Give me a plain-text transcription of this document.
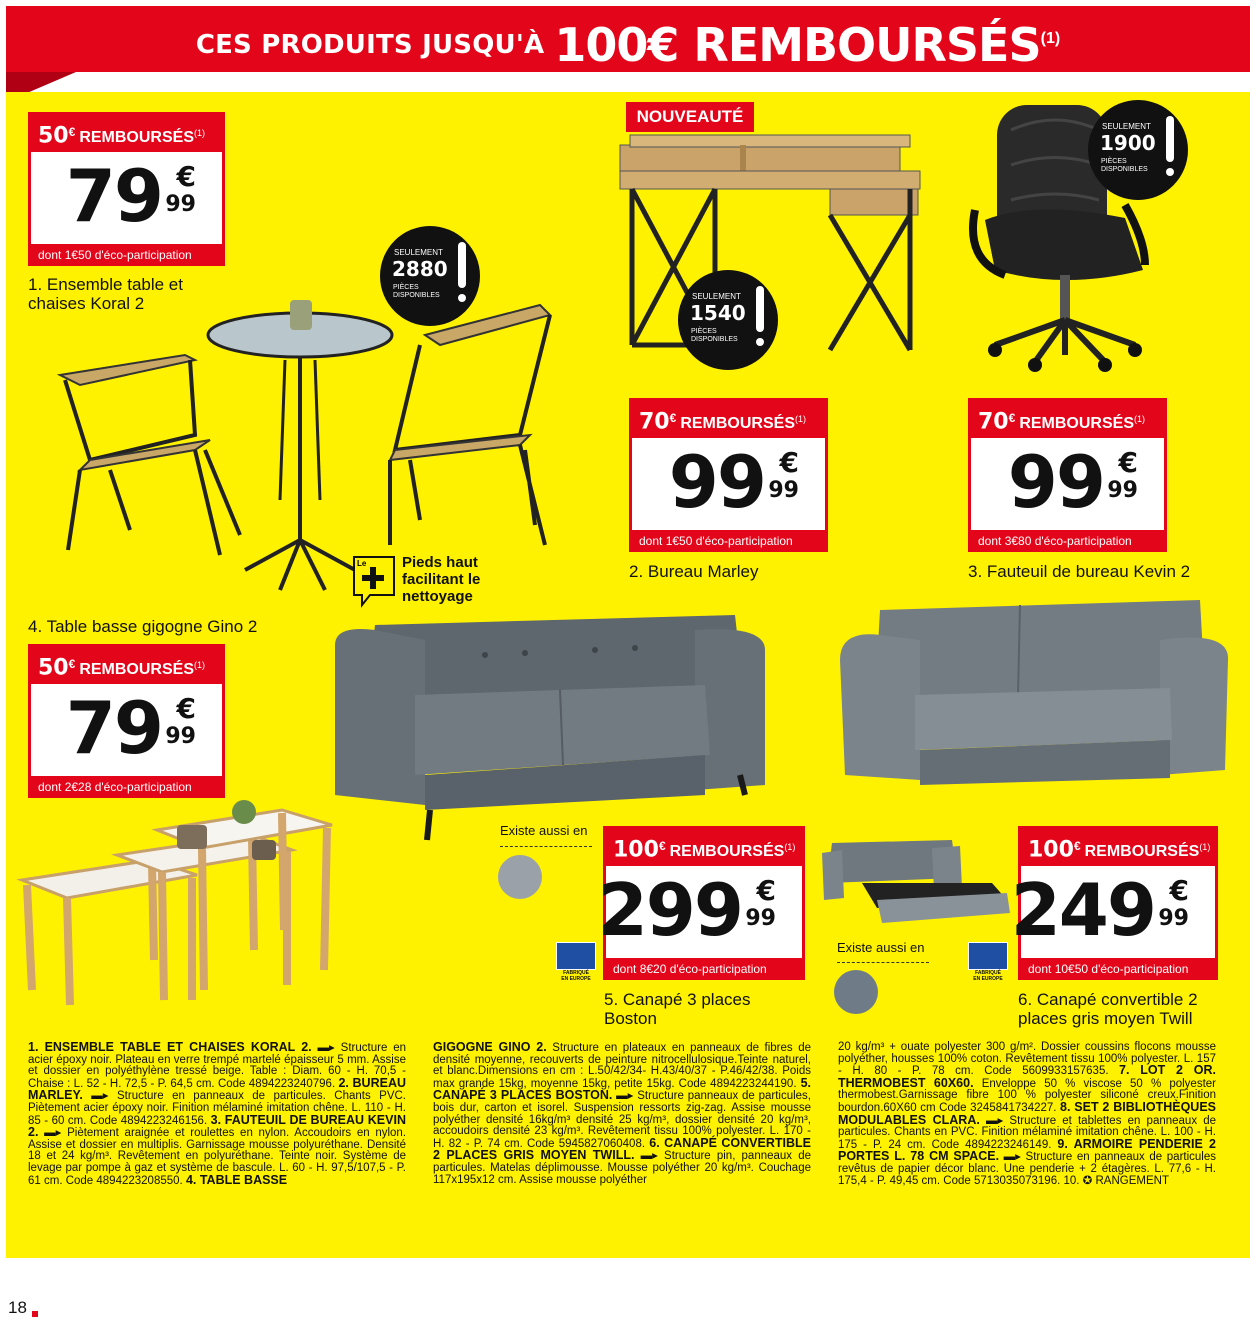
CES PRODUITS JUSQU'À 100€ REMBOURSÉS(1)
50€ REMBOURSÉS$^{(1)}$
79 €
99
dont 1€50 d'éco-participation
70€ REMBOURSÉS$^{(1)}$
99 €
99
dont 1€50 d'éco-participation
70€ REMBOURSÉS$^{(1)}$
99 €
99
dont 3€80 d'éco-participation
50€ REMBOURSÉS$^{(1)}$
79 €
99
dont 2€28 d'éco-participation
100€ REMBOURSÉS$^{(1)}$
299 €
99
dont 8€20 d'éco-participation
100€ REMBOURSÉS$^{(1)}$
249 €
99
dont 10€50 d'éco-participation
1. Ensemble table et
chaises Koral 2
2. Bureau Marley	3. Fauteuil de bureau Kevin 2
4. Table basse gigogne Gino 2
5. Canapé 3 places
Boston
6. Canapé convertible 2
places gris moyen Twill
NOUVEAUTÉ
SEULEMENT
2880
PIÈCES
DISPONIBLES	SEULEMENT
1540
PIÈCES
DISPONIBLES
SEULEMENT
1900
PIÈCES
DISPONIBLES
Le Pieds haut
facilitant le
nettoyage
Existe aussi en
Existe aussi en
FABRIQUÉ
EN EUROPE
FABRIQUÉ
EN EUROPE
1. ENSEMBLE TABLE ET CHAISES KORAL 2. ▬▸ Structure en acier époxy noir. Plateau en verre trempé martelé épaisseur 5 mm. Assise et dossier en polyéthylène tressé beige. Table : Diam. 60 - H. 70,5 - Chaise : L. 52 - H. 72,5 - P. 64,5 cm. Code 4894223240796. 2. BUREAU MARLEY. ▬▸ Structure en panneaux de particules. Chants PVC. Piètement acier époxy noir. Finition mélaminé imitation chêne. L. 110 - H. 85 - 60 cm. Code 4894223246156. 3. FAUTEUIL DE BUREAU KEVIN 2. ▬▸ Piètement araignée et roulettes en nylon. Accoudoirs en nylon. Assise et dossier en multiplis. Garnissage mousse polyuréthane. Densité 18 et 24 kg/m³. Revêtement en polyuréthane. Teinte noir. Système de levage par pompe à gaz et système de bascule. L. 60 - H. 97,5/107,5 - P. 61 cm. Code 4894223208550. 4. TABLE BASSE
GIGOGNE GINO 2. Structure en plateaux en panneaux de fibres de densité moyenne, recouverts de peinture nitrocellulosique.Teinte naturel, et blanc.Dimensions en cm : L.50/42/34- H.43/40/37 - P.46/42/38. Poids max grande 15kg, moyenne 15kg, petite 15kg. Code 4894223244190. 5. CANAPÉ 3 PLACES BOSTON. ▬▸ Structure panneaux de particules, bois dur, carton et isorel. Suspension ressorts zig-zag. Assise mousse polyéther densité 16kg/m³ densité 25 kg/m³, dossier densité 20 kg/m³, accoudoirs densité 23 kg/m³. Revêtement tissu 100% polyester. L. 170 - H. 82 - P. 74 cm. Code 5945827060408. 6. CANAPÉ CONVERTIBLE 2 PLACES GRIS MOYEN TWILL. ▬▸ Structure pin, panneaux de particules. Matelas déplimousse. Mousse polyéther 20 kg/m³. Couchage 117x195x12 cm. Assise mousse polyéther
20 kg/m³ + ouate polyester 300 g/m². Dossier coussins flocons mousse polyéther, housses 100% coton. Revêtement tissu 100% polyester. L. 157 - H. 80 - P. 78 cm. Code 5609933157635. 7. LOT 2 OR. THERMOBEST 60X60. Enveloppe 50 % viscose 50 % polyester thermobest.Garnissage fibre 100 % polyester siliconé creux.Finition bourdon.60X60 cm Code 3245841734227. 8. SET 2 BIBLIOTHÈQUES MODULABLES CLARA. ▬▸ Structure et tablettes en panneaux de particules. Chants en PVC. Finition mélaminé imitation chêne. L. 100 - H. 175 - P. 24 cm. Code 4894223246149. 9. ARMOIRE PENDERIE 2 PORTES L. 78 CM SPACE. ▬▸ Structure en panneaux de particules revêtus de papier décor blanc. Une penderie + 2 étagères. L. 77,6 - H. 175,4 - P. 49,45 cm. Code 5713035073196. 10. ✪ RANGEMENT
18
